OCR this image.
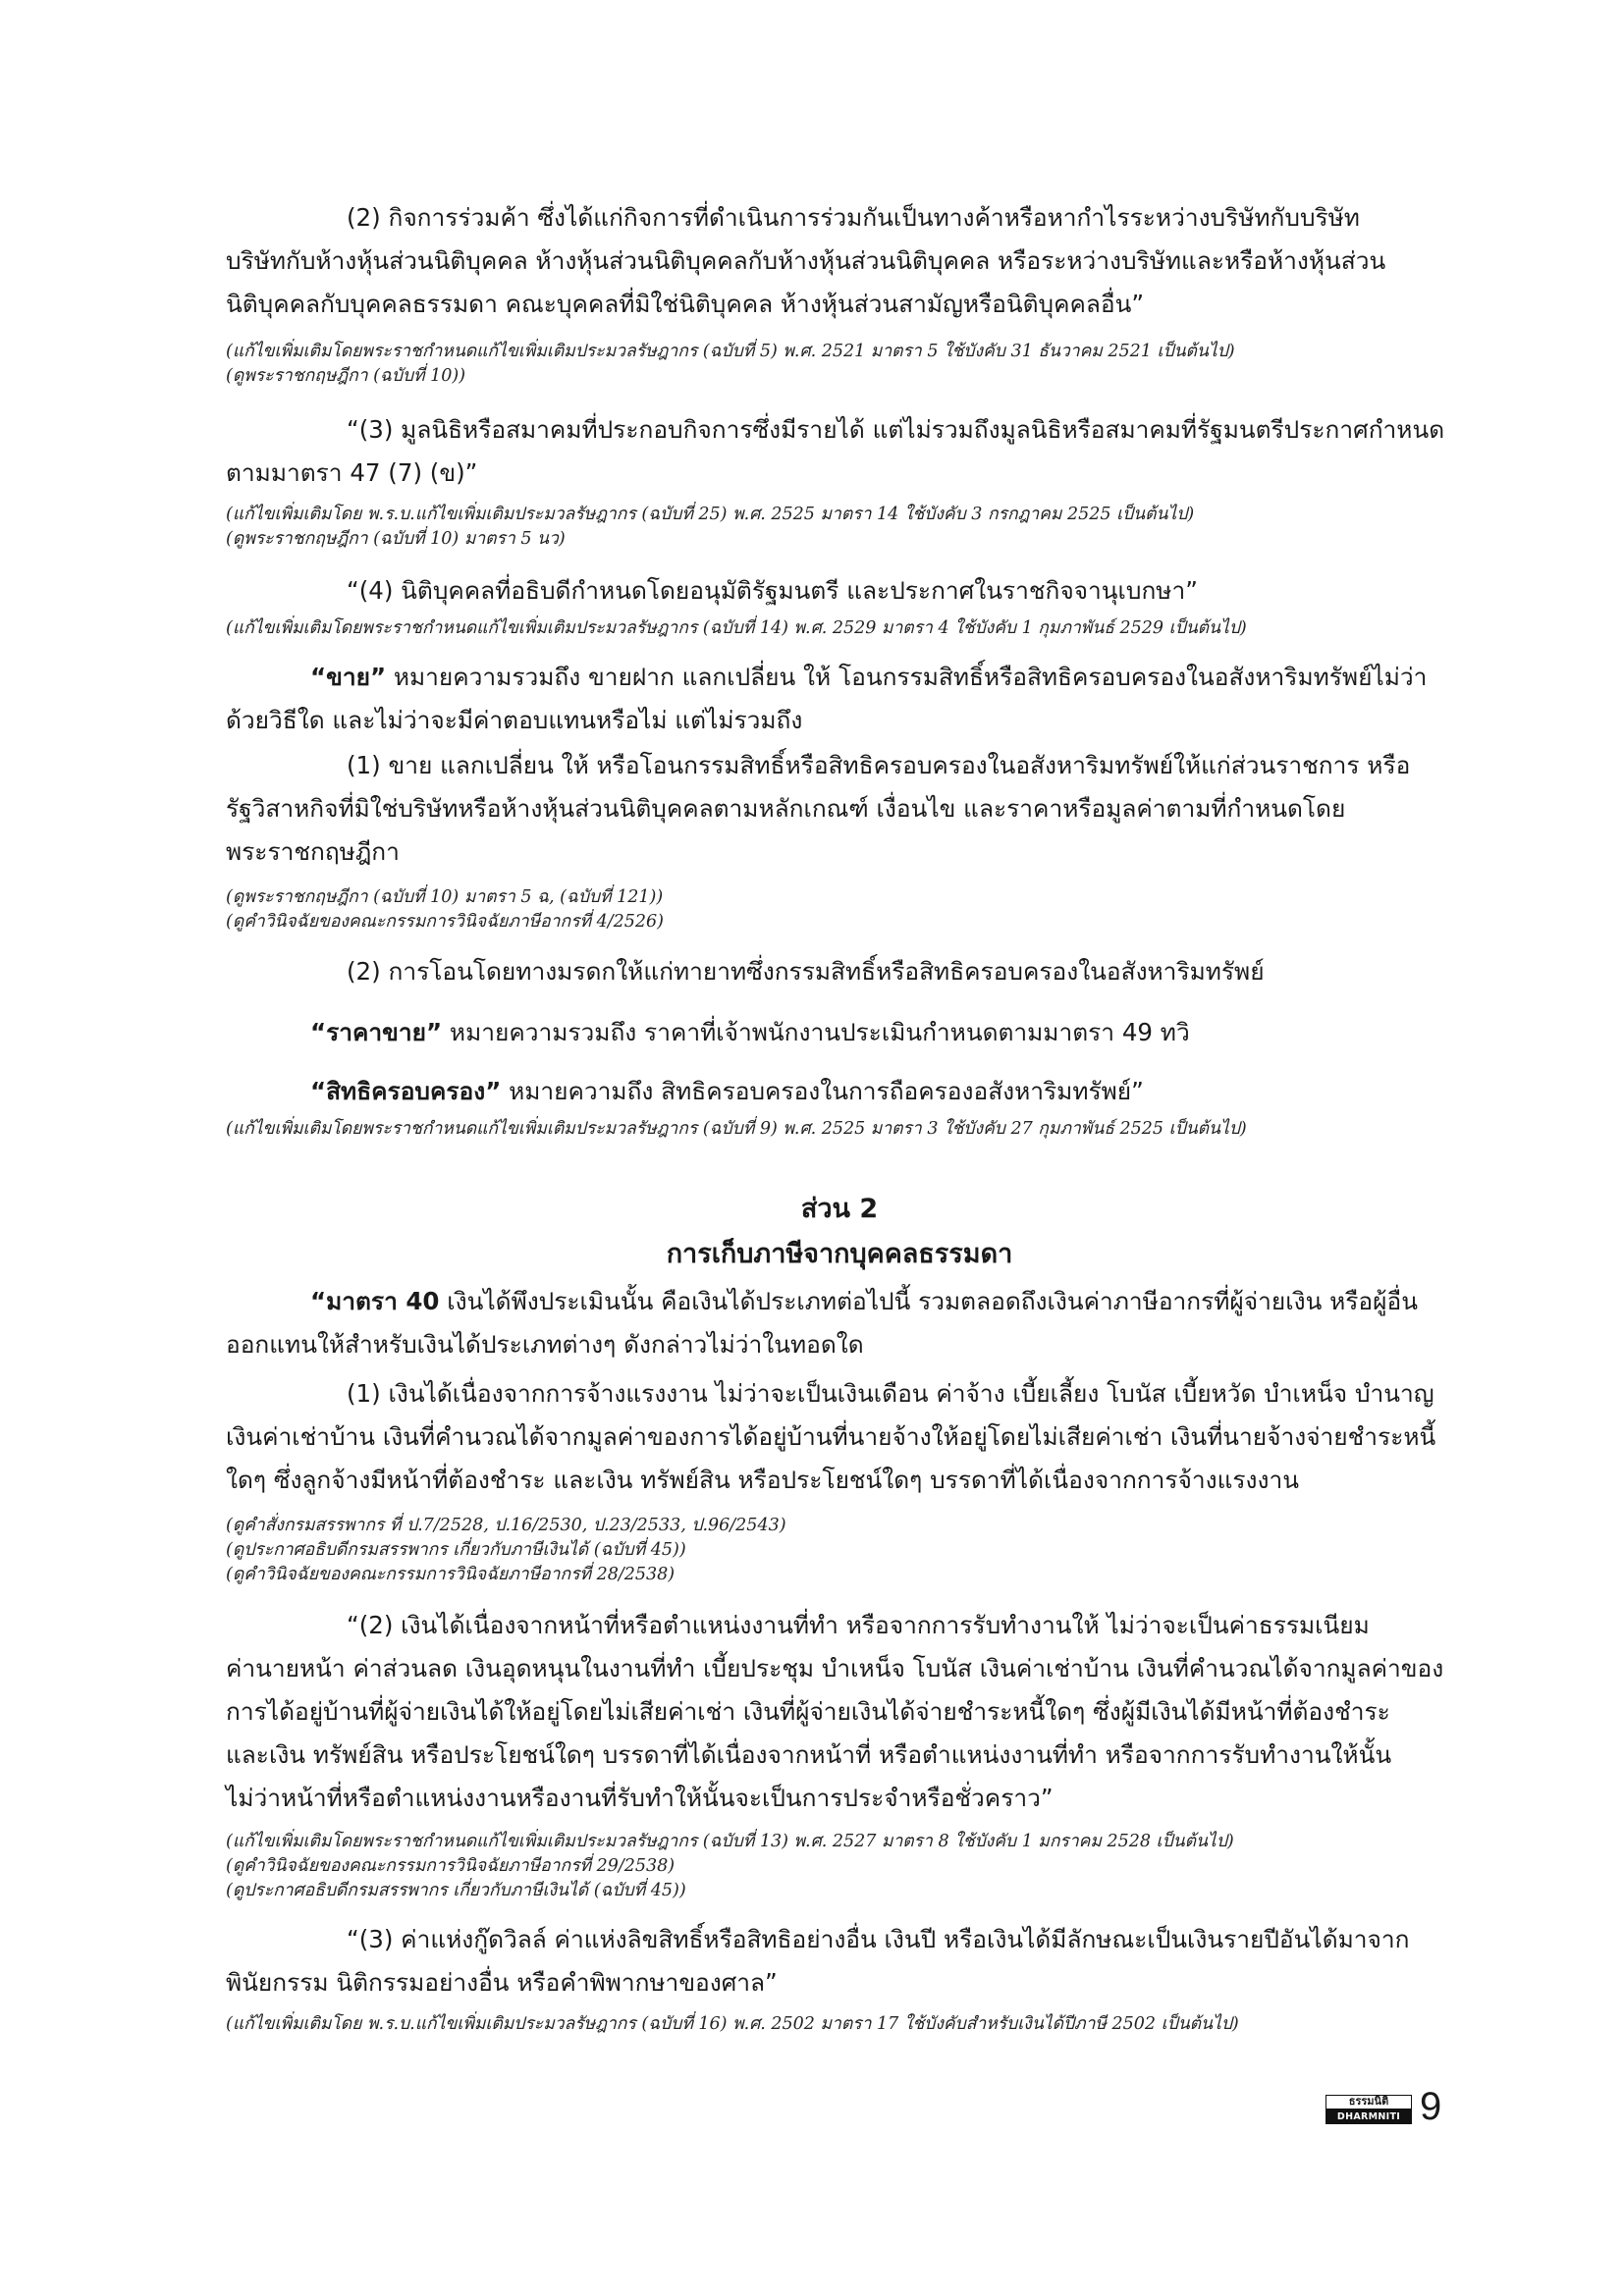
(2) กิจการร่วมค้า ซึ่งได้แก่กิจการที่ดำเนินการร่วมกันเป็นทางค้าหรือหากำไรระหว่างบริษัทกับบริษัท
บริษัทกับห้างหุ้นส่วนนิติบุคคล ห้างหุ้นส่วนนิติบุคคลกับห้างหุ้นส่วนนิติบุคคล หรือระหว่างบริษัทและหรือห้างหุ้นส่วน
นิติบุคคลกับบุคคลธรรมดา คณะบุคคลที่มิใช่นิติบุคคล ห้างหุ้นส่วนสามัญหรือนิติบุคคลอื่น”
(แก้ไขเพิ่มเติมโดยพระราชกำหนดแก้ไขเพิ่มเติมประมวลรัษฎากร (ฉบับที่ 5) พ.ศ. 2521 มาตรา 5 ใช้บังคับ 31 ธันวาคม 2521 เป็นต้นไป)
(ดูพระราชกฤษฎีกา (ฉบับที่ 10))
“(3) มูลนิธิหรือสมาคมที่ประกอบกิจการซึ่งมีรายได้ แต่ไม่รวมถึงมูลนิธิหรือสมาคมที่รัฐมนตรีประกาศกำหนด
ตามมาตรา 47 (7) (ข)”
(แก้ไขเพิ่มเติมโดย พ.ร.บ.แก้ไขเพิ่มเติมประมวลรัษฎากร (ฉบับที่ 25) พ.ศ. 2525 มาตรา 14 ใช้บังคับ 3 กรกฎาคม 2525 เป็นต้นไป)
(ดูพระราชกฤษฎีกา (ฉบับที่ 10) มาตรา 5 นว)
“(4) นิติบุคคลที่อธิบดีกำหนดโดยอนุมัติรัฐมนตรี และประกาศในราชกิจจานุเบกษา”
(แก้ไขเพิ่มเติมโดยพระราชกำหนดแก้ไขเพิ่มเติมประมวลรัษฎากร (ฉบับที่ 14) พ.ศ. 2529 มาตรา 4 ใช้บังคับ 1 กุมภาพันธ์ 2529 เป็นต้นไป)
“ขาย” หมายความรวมถึง ขายฝาก แลกเปลี่ยน ให้ โอนกรรมสิทธิ์หรือสิทธิครอบครองในอสังหาริมทรัพย์ไม่ว่า
ด้วยวิธีใด และไม่ว่าจะมีค่าตอบแทนหรือไม่ แต่ไม่รวมถึง
(1) ขาย แลกเปลี่ยน ให้ หรือโอนกรรมสิทธิ์หรือสิทธิครอบครองในอสังหาริมทรัพย์ให้แก่ส่วนราชการ หรือ
รัฐวิสาหกิจที่มิใช่บริษัทหรือห้างหุ้นส่วนนิติบุคคลตามหลักเกณฑ์ เงื่อนไข และราคาหรือมูลค่าตามที่กำหนดโดย
พระราชกฤษฎีกา
(ดูพระราชกฤษฎีกา (ฉบับที่ 10) มาตรา 5 ฉ, (ฉบับที่ 121))
(ดูคำวินิจฉัยของคณะกรรมการวินิจฉัยภาษีอากรที่ 4/2526)
(2) การโอนโดยทางมรดกให้แก่ทายาทซึ่งกรรมสิทธิ์หรือสิทธิครอบครองในอสังหาริมทรัพย์
“ราคาขาย” หมายความรวมถึง ราคาที่เจ้าพนักงานประเมินกำหนดตามมาตรา 49 ทวิ
“สิทธิครอบครอง” หมายความถึง สิทธิครอบครองในการถือครองอสังหาริมทรัพย์”
(แก้ไขเพิ่มเติมโดยพระราชกำหนดแก้ไขเพิ่มเติมประมวลรัษฎากร (ฉบับที่ 9) พ.ศ. 2525 มาตรา 3 ใช้บังคับ 27 กุมภาพันธ์ 2525 เป็นต้นไป)
ส่วน 2
การเก็บภาษีจากบุคคลธรรมดา
“มาตรา 40 เงินได้พึงประเมินนั้น คือเงินได้ประเภทต่อไปนี้ รวมตลอดถึงเงินค่าภาษีอากรที่ผู้จ่ายเงิน หรือผู้อื่น
ออกแทนให้สำหรับเงินได้ประเภทต่างๆ ดังกล่าวไม่ว่าในทอดใด
(1) เงินได้เนื่องจากการจ้างแรงงาน ไม่ว่าจะเป็นเงินเดือน ค่าจ้าง เบี้ยเลี้ยง โบนัส เบี้ยหวัด บำเหน็จ บำนาญ
เงินค่าเช่าบ้าน เงินที่คำนวณได้จากมูลค่าของการได้อยู่บ้านที่นายจ้างให้อยู่โดยไม่เสียค่าเช่า เงินที่นายจ้างจ่ายชำระหนี้
ใดๆ ซึ่งลูกจ้างมีหน้าที่ต้องชำระ และเงิน ทรัพย์สิน หรือประโยชน์ใดๆ บรรดาที่ได้เนื่องจากการจ้างแรงงาน
(ดูคำสั่งกรมสรรพากร ที่ ป.7/2528, ป.16/2530, ป.23/2533, ป.96/2543)
(ดูประกาศอธิบดีกรมสรรพากร เกี่ยวกับภาษีเงินได้ (ฉบับที่ 45))
(ดูคำวินิจฉัยของคณะกรรมการวินิจฉัยภาษีอากรที่ 28/2538)
“(2) เงินได้เนื่องจากหน้าที่หรือตำแหน่งงานที่ทำ หรือจากการรับทำงานให้ ไม่ว่าจะเป็นค่าธรรมเนียม
ค่านายหน้า ค่าส่วนลด เงินอุดหนุนในงานที่ทำ เบี้ยประชุม บำเหน็จ โบนัส เงินค่าเช่าบ้าน เงินที่คำนวณได้จากมูลค่าของ
การได้อยู่บ้านที่ผู้จ่ายเงินได้ให้อยู่โดยไม่เสียค่าเช่า เงินที่ผู้จ่ายเงินได้จ่ายชำระหนี้ใดๆ ซึ่งผู้มีเงินได้มีหน้าที่ต้องชำระ
และเงิน ทรัพย์สิน หรือประโยชน์ใดๆ บรรดาที่ได้เนื่องจากหน้าที่ หรือตำแหน่งงานที่ทำ หรือจากการรับทำงานให้นั้น
ไม่ว่าหน้าที่หรือตำแหน่งงานหรืองานที่รับทำให้นั้นจะเป็นการประจำหรือชั่วคราว”
(แก้ไขเพิ่มเติมโดยพระราชกำหนดแก้ไขเพิ่มเติมประมวลรัษฎากร (ฉบับที่ 13) พ.ศ. 2527 มาตรา 8 ใช้บังคับ 1 มกราคม 2528 เป็นต้นไป)
(ดูคำวินิจฉัยของคณะกรรมการวินิจฉัยภาษีอากรที่ 29/2538)
(ดูประกาศอธิบดีกรมสรรพากร เกี่ยวกับภาษีเงินได้ (ฉบับที่ 45))
“(3) ค่าแห่งกู๊ดวิลล์ ค่าแห่งลิขสิทธิ์หรือสิทธิอย่างอื่น เงินปี หรือเงินได้มีลักษณะเป็นเงินรายปีอันได้มาจาก
พินัยกรรม นิติกรรมอย่างอื่น หรือคำพิพากษาของศาล”
(แก้ไขเพิ่มเติมโดย พ.ร.บ.แก้ไขเพิ่มเติมประมวลรัษฎากร (ฉบับที่ 16) พ.ศ. 2502 มาตรา 17 ใช้บังคับสำหรับเงินได้ปีภาษี 2502 เป็นต้นไป)
ธรรมนิติ
DHARMNITI 9
